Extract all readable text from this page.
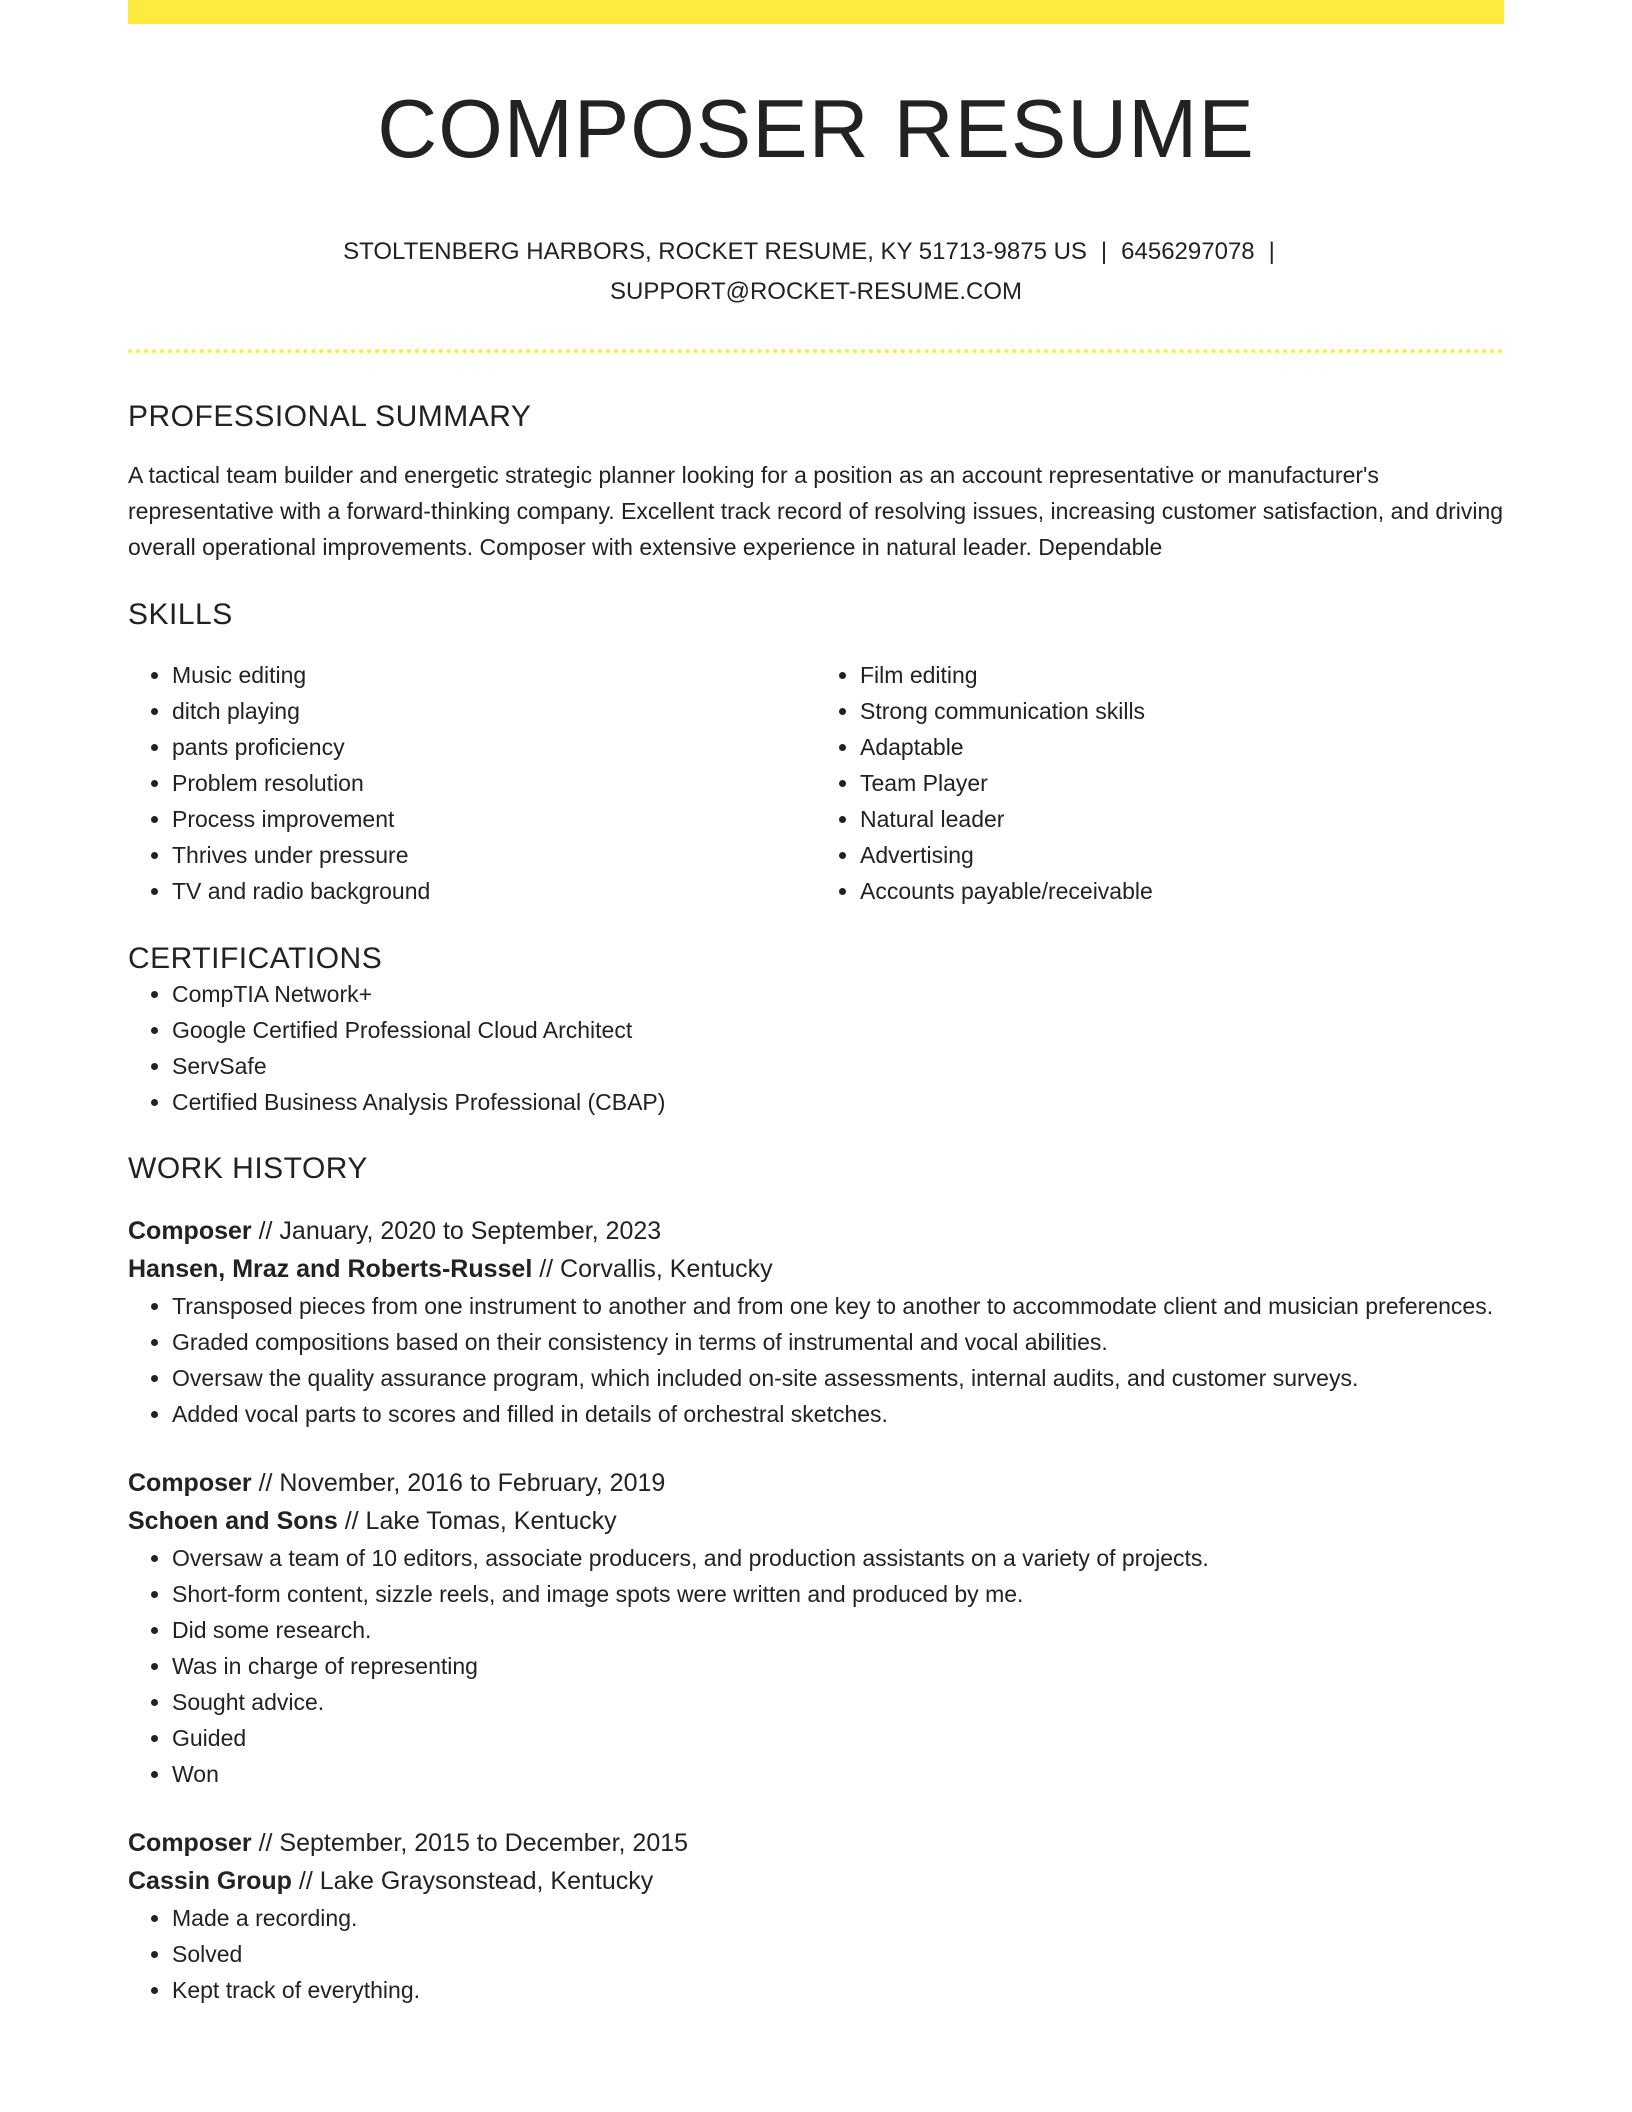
COMPOSER RESUME
STOLTENBERG HARBORS, ROCKET RESUME, KY 51713-9875 US | 6456297078 |
SUPPORT@ROCKET-RESUME.COM
PROFESSIONAL SUMMARY

A tactical team builder and energetic strategic planner looking for a position as an account representative or manufacturer's representative with a forward-thinking company. Excellent track record of resolving issues, increasing customer satisfaction, and driving overall operational improvements. Composer with extensive experience in natural leader. Dependable

SKILLS
• Music editing
• ditch playing
• pants proficiency
• Problem resolution
• Process improvement
• Thrives under pressure
• TV and radio background
• Film editing
• Strong communication skills
• Adaptable
• Team Player
• Natural leader
• Advertising
• Accounts payable/receivable
CERTIFICATIONS
• CompTIA Network+
• Google Certified Professional Cloud Architect
• ServSafe
• Certified Business Analysis Professional (CBAP)
WORK HISTORY
Composer // January, 2020 to September, 2023
Hansen, Mraz and Roberts-Russel // Corvallis, Kentucky
• Transposed pieces from one instrument to another and from one key to another to accommodate client and musician preferences.
• Graded compositions based on their consistency in terms of instrumental and vocal abilities.
• Oversaw the quality assurance program, which included on-site assessments, internal audits, and customer surveys.
• Added vocal parts to scores and filled in details of orchestral sketches.
Composer // November, 2016 to February, 2019
Schoen and Sons // Lake Tomas, Kentucky
• Oversaw a team of 10 editors, associate producers, and production assistants on a variety of projects.
• Short-form content, sizzle reels, and image spots were written and produced by me.
• Did some research.
• Was in charge of representing
• Sought advice.
• Guided
• Won
Composer // September, 2015 to December, 2015
Cassin Group // Lake Graysonstead, Kentucky
• Made a recording.
• Solved
• Kept track of everything.
